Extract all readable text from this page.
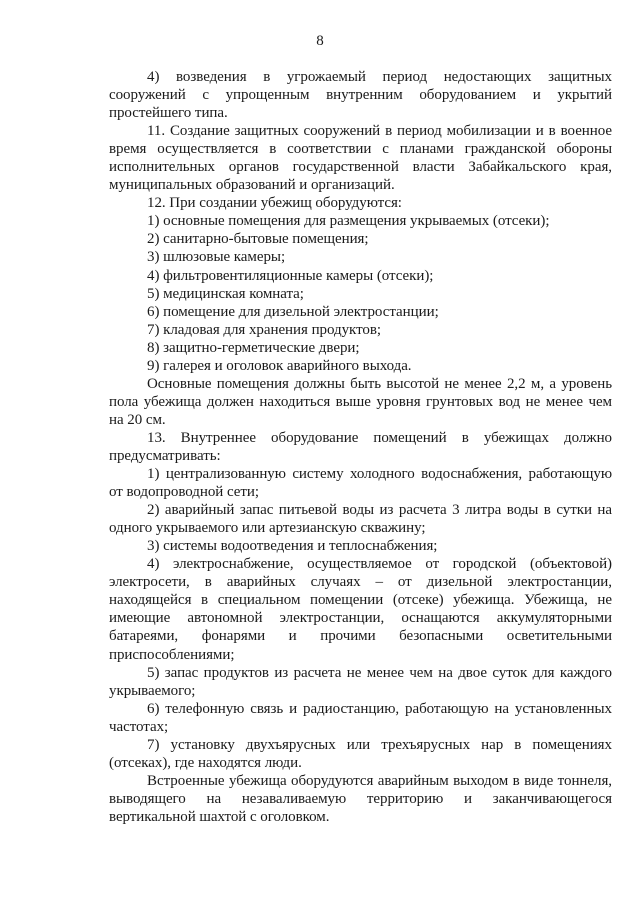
8

4) возведения в угрожаемый период недостающих защитных сооружений с упрощенным внутренним оборудованием и укрытий простейшего типа.

11. Создание защитных сооружений в период мобилизации и в военное время осуществляется в соответствии с планами гражданской обороны исполнительных органов государственной власти Забайкальского края, муниципальных образований и организаций.

12. При создании убежищ оборудуются:

1) основные помещения для размещения укрываемых (отсеки);

2) санитарно-бытовые помещения;

3) шлюзовые камеры;

4) фильтровентиляционные камеры (отсеки);

5) медицинская комната;

6) помещение для дизельной электростанции;

7) кладовая для хранения продуктов;

8) защитно-герметические двери;

9) галерея и оголовок аварийного выхода.

Основные помещения должны быть высотой не менее 2,2 м, а уровень пола убежища должен находиться выше уровня грунтовых вод не менее чем на 20 см.

13. Внутреннее оборудование помещений в убежищах должно предусматривать:

1) централизованную систему холодного водоснабжения, работающую от водопроводной сети;

2) аварийный запас питьевой воды из расчета 3 литра воды в сутки на одного укрываемого или артезианскую скважину;

3) системы водоотведения и теплоснабжения;

4) электроснабжение, осуществляемое от городской (объектовой) электросети, в аварийных случаях – от дизельной электростанции, находящейся в специальном помещении (отсеке) убежища. Убежища, не имеющие автономной электростанции, оснащаются аккумуляторными батареями, фонарями и прочими безопасными осветительными приспособлениями;

5) запас продуктов из расчета не менее чем на двое суток для каждого укрываемого;

6) телефонную связь и радиостанцию, работающую на установленных частотах;

7) установку двухъярусных или трехъярусных нар в помещениях (отсеках), где находятся люди.

Встроенные убежища оборудуются аварийным выходом в виде тоннеля, выводящего на незаваливаемую территорию и заканчивающегося вертикальной шахтой с оголовком.
